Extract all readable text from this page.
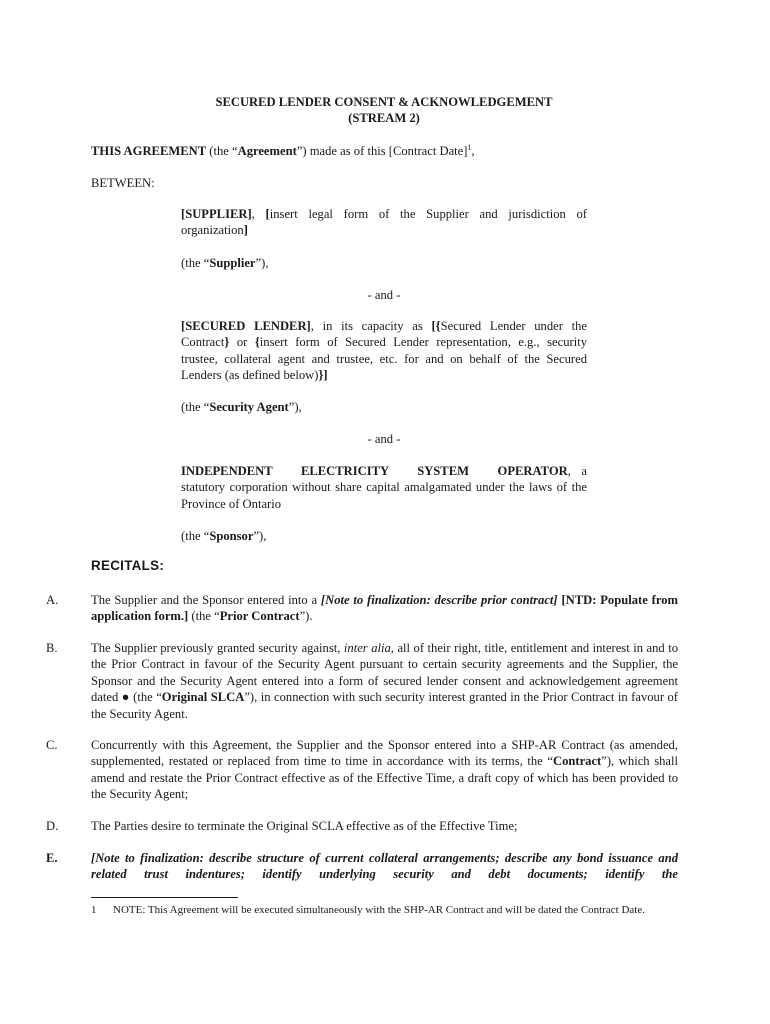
SECURED LENDER CONSENT & ACKNOWLEDGEMENT
(STREAM 2)
THIS AGREEMENT (the “Agreement”) made as of this [Contract Date]$^1$,
BETWEEN:
[SUPPLIER], [insert legal form of the Supplier and jurisdiction of organization]
(the “Supplier”),
- and -
[SECURED LENDER], in its capacity as [{Secured Lender under the Contract} or {insert form of Secured Lender representation, e.g., security trustee, collateral agent and trustee, etc. for and on behalf of the Secured Lenders (as defined below)}]
(the “Security Agent”),
- and -
INDEPENDENT ELECTRICITY SYSTEM OPERATOR, a statutory corporation without share capital amalgamated under the laws of the Province of Ontario
(the “Sponsor”),
RECITALS:
A.	The Supplier and the Sponsor entered into a [Note to finalization: describe prior contract] [NTD: Populate from application form.] (the “Prior Contract”).
B.	The Supplier previously granted security against, inter alia, all of their right, title, entitlement and interest in and to the Prior Contract in favour of the Security Agent pursuant to certain security agreements and the Supplier, the Sponsor and the Security Agent entered into a form of secured lender consent and acknowledgement agreement dated ● (the “Original SLCA”), in connection with such security interest granted in the Prior Contract in favour of the Security Agent.
C.	Concurrently with this Agreement, the Supplier and the Sponsor entered into a SHP-AR Contract (as amended, supplemented, restated or replaced from time to time in accordance with its terms, the “Contract”), which shall amend and restate the Prior Contract effective as of the Effective Time, a draft copy of which has been provided to the Security Agent;
D.	The Parties desire to terminate the Original SCLA effective as of the Effective Time;
E.	[Note to finalization: describe structure of current collateral arrangements; describe any bond issuance and related trust indentures; identify underlying security and debt documents; identify the
1 NOTE: This Agreement will be executed simultaneously with the SHP-AR Contract and will be dated the Contract Date.
